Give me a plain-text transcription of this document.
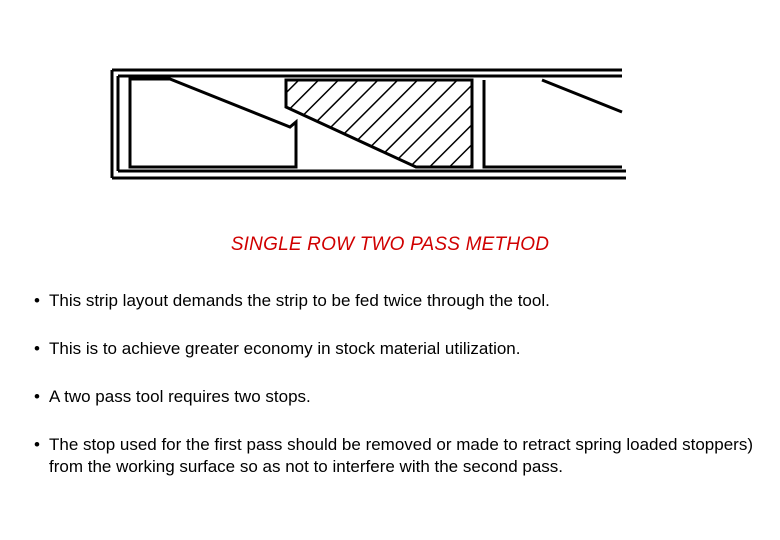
SINGLE ROW TWO PASS METHOD
• This strip layout demands the strip to be fed twice through the tool.
• This is to achieve greater economy in stock material utilization.
• A two pass tool requires two stops.
• The stop used for the first pass should be removed or made to retract spring loaded stoppers) from the working surface so as not to interfere with the second pass.
